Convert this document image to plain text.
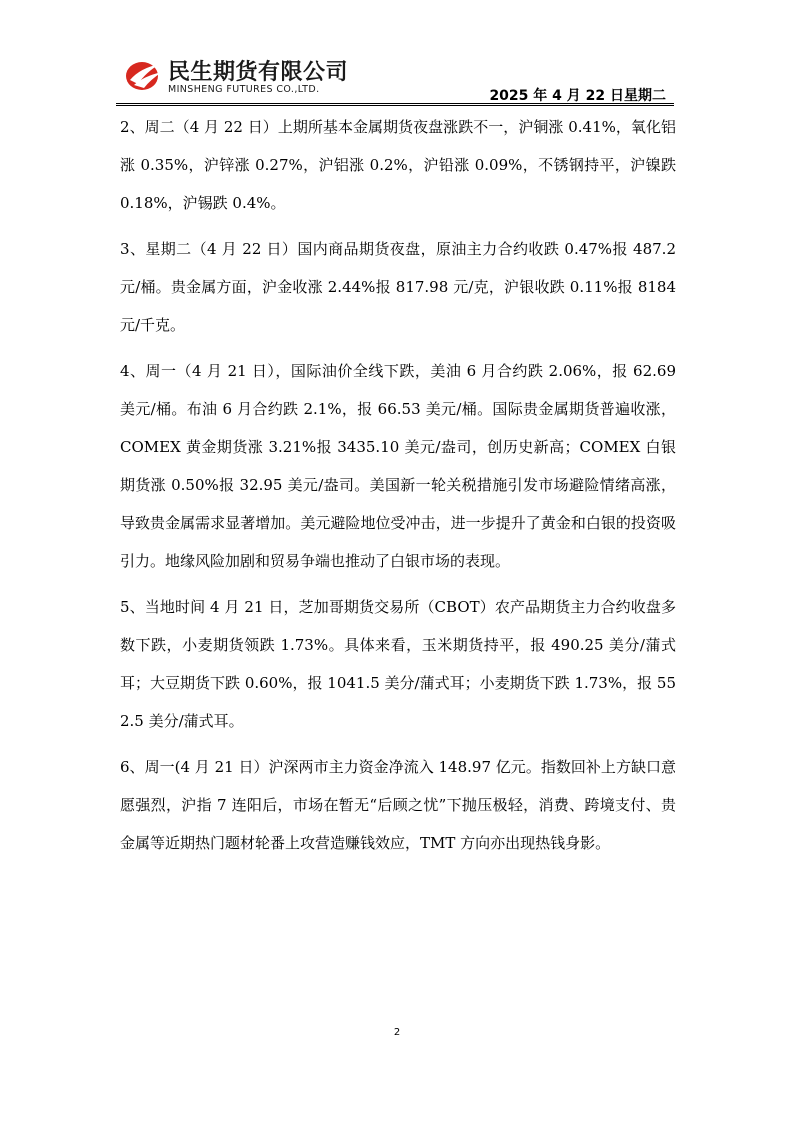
民生期货有限公司
MINSHENG FUTURES CO.,LTD.	2025 年 4 月 22 日星期二

2、周二（4 月 22 日）上期所基本金属期货夜盘涨跌不一，沪铜涨 0.41%，氧化铝涨 0.35%，沪锌涨 0.27%，沪铝涨 0.2%，沪铅涨 0.09%，不锈钢持平，沪镍跌 0.18%，沪锡跌 0.4%。

3、星期二（4 月 22 日）国内商品期货夜盘，原油主力合约收跌 0.47%报 487.2 元/桶。贵金属方面，沪金收涨 2.44%报 817.98 元/克，沪银收跌 0.11%报 8184 元/千克。

4、周一（4 月 21 日），国际油价全线下跌，美油 6 月合约跌 2.06%，报 62.69 美元/桶。布油 6 月合约跌 2.1%，报 66.53 美元/桶。国际贵金属期货普遍收涨，COMEX 黄金期货涨 3.21%报 3435.10 美元/盎司，创历史新高；COMEX 白银期货涨 0.50%报 32.95 美元/盎司。美国新一轮关税措施引发市场避险情绪高涨，导致贵金属需求显著增加。美元避险地位受冲击，进一步提升了黄金和白银的投资吸引力。地缘风险加剧和贸易争端也推动了白银市场的表现。

5、当地时间 4 月 21 日，芝加哥期货交易所（CBOT）农产品期货主力合约收盘多数下跌，小麦期货领跌 1.73%。具体来看，玉米期货持平，报 490.25 美分/蒲式耳；大豆期货下跌 0.60%，报 1041.5 美分/蒲式耳；小麦期货下跌 1.73%，报 552.5 美分/蒲式耳。

6、周一(4 月 21 日）沪深两市主力资金净流入 148.97 亿元。指数回补上方缺口意愿强烈，沪指 7 连阳后，市场在暂无“后顾之忧”下抛压极轻，消费、跨境支付、贵金属等近期热门题材轮番上攻营造赚钱效应，TMT 方向亦出现热钱身影。

2
